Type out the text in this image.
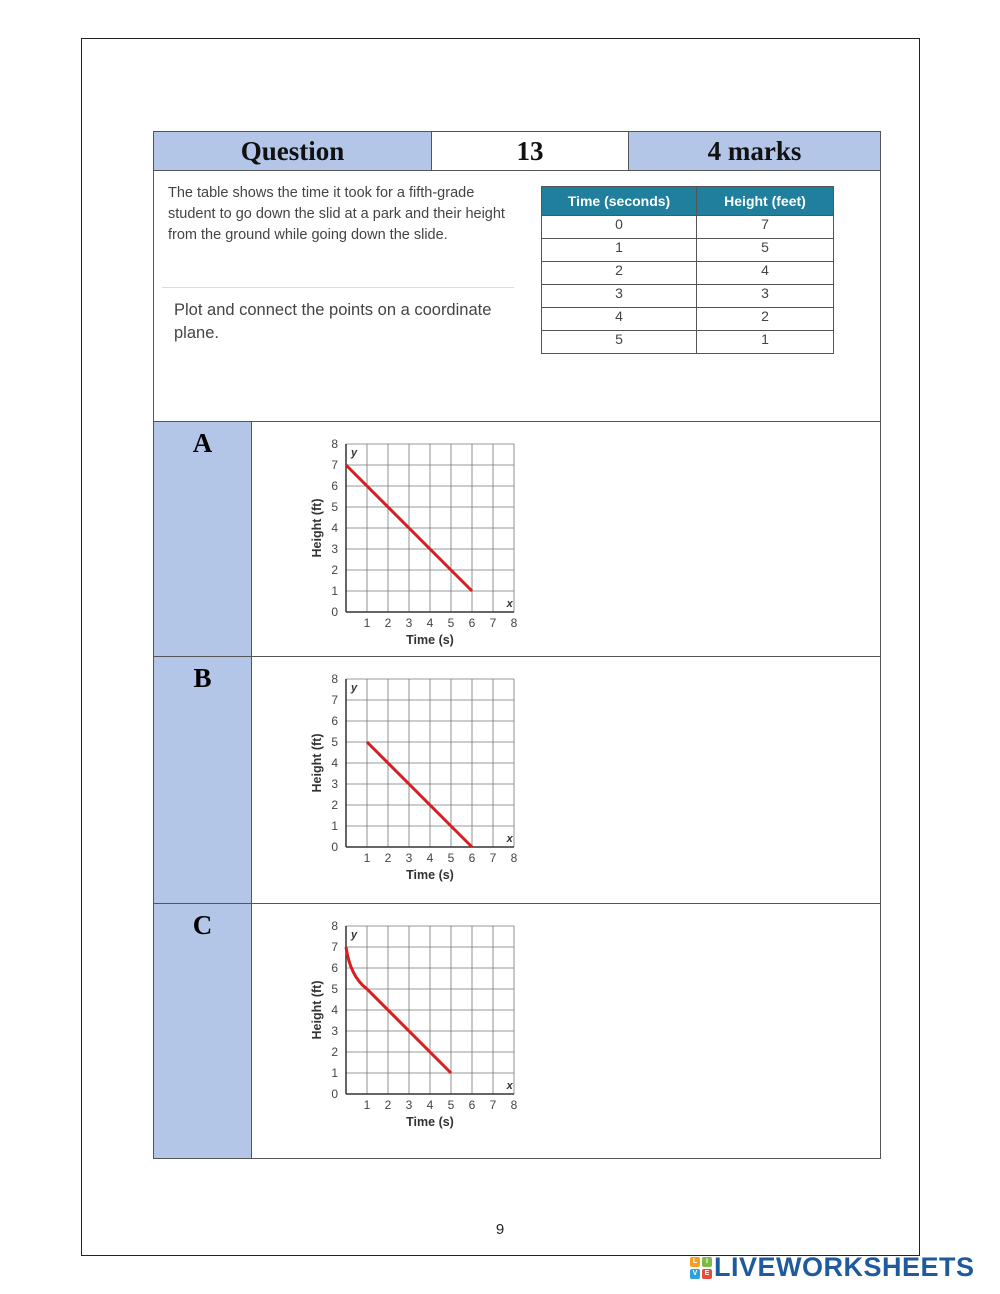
Question	13	4 marks

The table shows the time it took for a fifth-grade student to go down the slid at a park and their height from the ground while going down the slide.
Plot and connect the points on a coordinate plane.
Time (seconds)	Height (feet)
0	7
1	5
2	4
3	3
4	2
5	1

A	
0
1
1
2
2
3
3
4
4
5
5
6
6
7
7
8
8
y
x
Time (s)
Height (ft)

B	
0
1
1
2
2
3
3
4
4
5
5
6
6
7
7
8
8
y
x
Time (s)
Height (ft)

C	
0
1
1
2
2
3
3
4
4
5
5
6
6
7
7
8
8
y
x
Time (s)
Height (ft)
9
L	I
V	E LIVEWORKSHEETS
